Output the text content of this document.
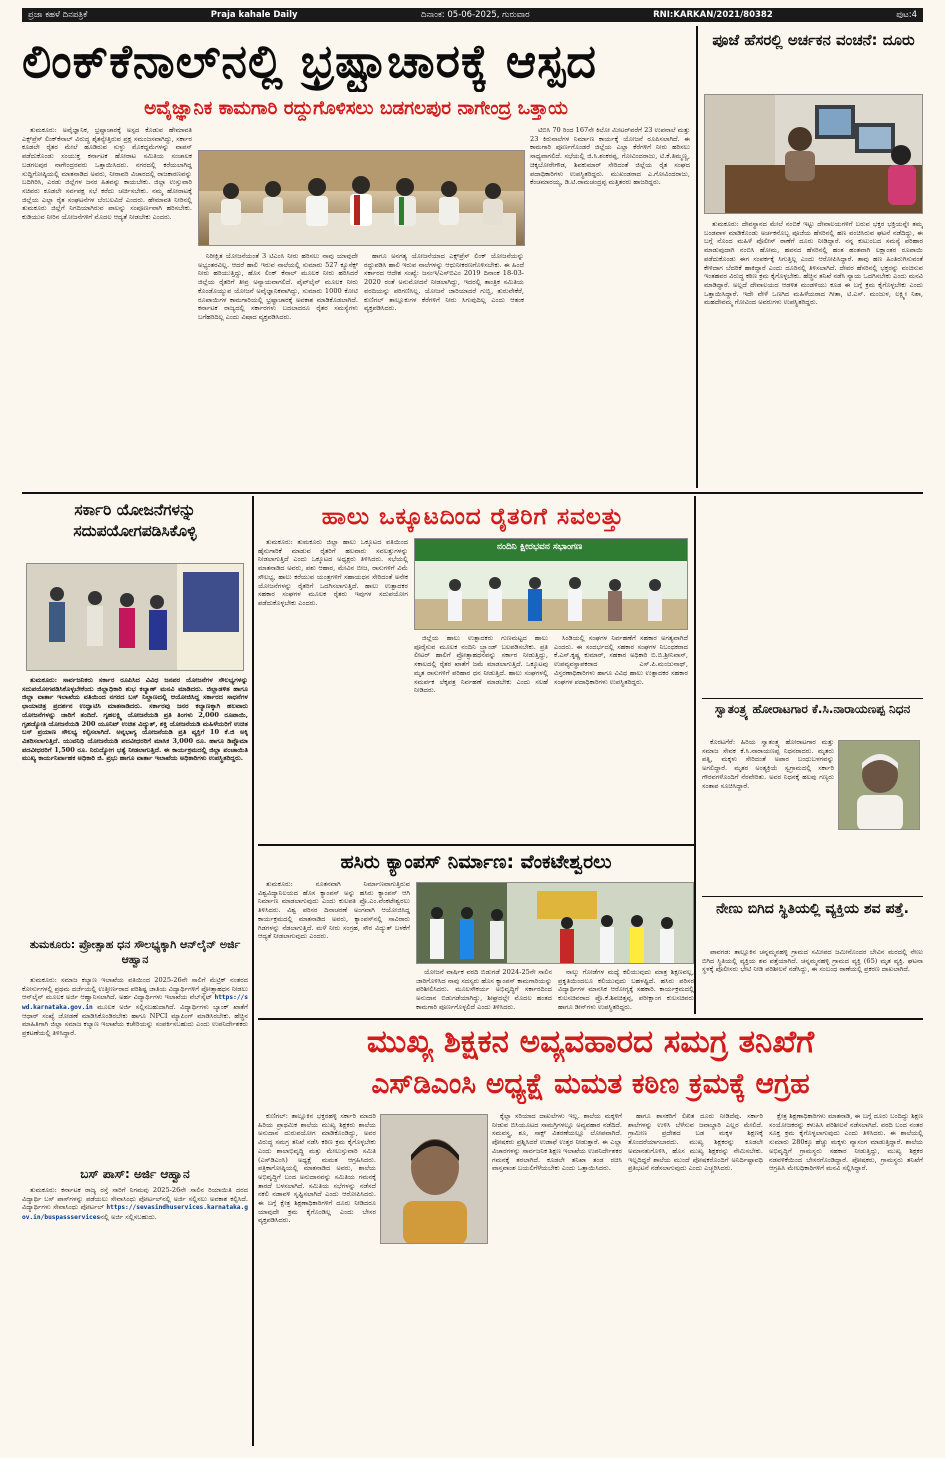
ಪ್ರಜಾ ಕಹಳೆ ದಿನಪತ್ರಿಕೆ	Praja kahale Daily	ದಿನಾಂಕ: 05-06-2025, ಗುರುವಾರ	RNI:KARKAN/2021/80382	ಪುಟ:4
ಲಿಂಕ್‌ಕೆನಾಲ್‌ನಲ್ಲಿ ಭ್ರಷ್ಟಾಚಾರಕ್ಕೆ ಆಸ್ಪದ
ಅವೈಜ್ಞಾನಿಕ ಕಾಮಗಾರಿ ರದ್ದುಗೊಳಿಸಲು ಬಡಗಲಪುರ ನಾಗೇಂದ್ರ ಒತ್ತಾಯ

ತುಮಕೂರು: ಅವೈಜ್ಞಾನಿಕ, ಭ್ರಷ್ಟಾಚಾರಕ್ಕೆ ಅಸ್ಪದ ಕೊಡುವ ಹೇಮಾವತಿ ಎಕ್ಸ್‌ಪ್ರೆಸ್ ಲಿಂಕ್‌ಕೆನಾಲ್ ವಿರುದ್ಧ ಶೈತನ್ಯೇತ್ತಿರುವ ಪ್ರಕ್ಷ ಸಮಂಜಸವಾಗಿದ್ದು, ಸರ್ಕಾರ ಕೂಡಲೇ ರೈತರ ಮೇಲೆ ಹೂಡಿರುವ ಸುಳ್ಳು ಮೊಕದ್ದಮೆಗಳನ್ನು ವಾಪಸ್ ಪಡೆದುಕೊಂಡು ಸಂಯುಕ್ತ ಕರ್ನಾಟಕ ಹೋರಾಟ ಸಮಿತಿಯ ಸಂಚಾಲಕ ಬಡಗಲಪುರ ನಾಗೇಂದ್ರರವರು ಒತ್ತಾಯಿಸಿದರು. ನಗರದಲ್ಲಿ ಕರೆಯಲಾಗಿದ್ದ ಸುದ್ದಿಗೋಷ್ಠಿಯಲ್ಲಿ ಮಾತನಾಡಿದ ಅವರು, ನೀರಾವರಿ ವಿಚಾರದಲ್ಲಿ ರಾಜಕಾರಣವನ್ನು ಬದಿಗಿರಿಸಿ, ಎರಡು ಜಿಲ್ಲೆಗಳ ಜನರ ಹಿತವನ್ನು ಕಾಯಬೇಕು. ಜಿಲ್ಲಾ ಉಸ್ತುವಾರಿ ಸಚಿವರು ಕೂಡಲೇ ಸರ್ವಪಕ್ಷ ಸಭೆ ಕರೆದು ಚರ್ಚಿಸಬೇಕು. ನಮ್ಮ ಹೋರಾಟಕ್ಕೆ ಜಿಲ್ಲೆಯ ಎಲ್ಲಾ ರೈತ ಸಂಘಟನೆಗಳ ಬೆಂಬಲವಿದೆ ಎಂದರು. ಹೇಮಾವತಿ ನೀರಿನಲ್ಲಿ ತುಮಕೂರು ಜಿಲ್ಲೆಗೆ ನಿಗದಿಯಾಗಿರುವ ಪಾಲನ್ನು ಸಂಪೂರ್ಣವಾಗಿ ಹರಿಸಬೇಕು. ಕುಡಿಯುವ ನೀರಿನ ಯೋಜನೆಗಳಿಗೆ ಮೊದಲ ಆದ್ಯತೆ ನೀಡಬೇಕು ಎಂದರು.

ನಿರೀಕ್ಷಿತ ಯೋಜನೆಯಂತೆ 3 ಟಿಎಂಸಿ ನೀರು ಹರಿಸಲು ನಾವು ಯಾವುದೇ ಅಭ್ಯಂತರವಿಲ್ಲ. ಆದರೆ ಹಾಲಿ ಇರುವ ನಾಲೆಯಲ್ಲಿ ಸುಮಾರು 527 ಕ್ಯೂಸೆಕ್ಸ್ ನೀರು ಹರಿಯುತ್ತಿದ್ದು, ಹೊಸ ಲಿಂಕ್ ಕೆನಾಲ್ ಮೂಲಕ ನೀರು ಹರಿಸಿದರೆ ಜಿಲ್ಲೆಯ ರೈತರಿಗೆ ತೀವ್ರ ಅನ್ಯಾಯವಾಗಲಿದೆ. ಪೈಪ್‌ಲೈನ್ ಮೂಲಕ ನೀರು ಕೊಂಡೊಯ್ಯುವ ಯೋಜನೆ ಅವೈಜ್ಞಾನಿಕವಾಗಿದ್ದು, ಸುಮಾರು 1000 ಕೋಟಿ ರೂಪಾಯಿಗಳ ಕಾಮಗಾರಿಯಲ್ಲಿ ಭ್ರಷ್ಟಾಚಾರಕ್ಕೆ ಅವಕಾಶ ಮಾಡಿಕೊಡಲಾಗಿದೆ. ಕರ್ನಾಟಕ ರಾಜ್ಯದಲ್ಲಿ ಸರ್ಕಾರಗಳು ಬದಲಾದರೂ ರೈತರ ಸಮಸ್ಯೆಗಳು ಬಗೆಹರಿದಿಲ್ಲ ಎಂದು ವಿಷಾದ ವ್ಯಕ್ತಪಡಿಸಿದರು.

ಹಾಗೂ ಅನಗತ್ಯ ಯೋಜನೆಯಾದ ಎಕ್ಸ್‌ಪ್ರೆಸ್ ಲಿಂಕ್ ಯೋಜನೆಯನ್ನು ರದ್ದುಪಡಿಸಿ ಹಾಲಿ ಇರುವ ನಾಲೆಗಳನ್ನು ಆಧುನೀಕರಣಗೊಳಿಸಬೇಕು. ಈ ಹಿಂದೆ ಸರ್ಕಾರದ ಆದೇಶ ಸಂಖ್ಯೆ: ಜಸಂಇ/ಎಸ್‌ಬಿಎಂ 2019 ದಿನಾಂಕ 18-03-2020 ರಂತೆ ಅನುಮೋದನೆ ನೀಡಲಾಗಿದ್ದು, ಇದರಲ್ಲಿ ತಾಂತ್ರಿಕ ಸಮಿತಿಯ ವರದಿಯನ್ನು ಪರಿಗಣಿಸಿಲ್ಲ. ಯೋಜನೆ ಜಾರಿಯಾದರೆ ಗುಬ್ಬಿ, ತುರುವೇಕೆರೆ, ಕುಣಿಗಲ್ ತಾಲ್ಲೂಕುಗಳ ಕೆರೆಗಳಿಗೆ ನೀರು ಸಿಗುವುದಿಲ್ಲ ಎಂದು ಆತಂಕ ವ್ಯಕ್ತಪಡಿಸಿದರು.

ಟಿಬಿಸಿ 70 ರಿಂದ 167ನೇ ಕಿಲೋ ಮೀಟರ್‌ವರೆಗೆ 23 ಉಪನಾಲೆ ಮತ್ತು 23 ಕಿರುನಾಲೆಗಳ ನಿರ್ಮಾಣ ಕಾರ್ಯಕ್ಕೆ ಯೋಜನೆ ರೂಪಿಸಲಾಗಿದೆ. ಈ ಕಾಮಗಾರಿ ಪೂರ್ಣಗೊಂಡರೆ ಜಿಲ್ಲೆಯ ಎಲ್ಲಾ ಕೆರೆಗಳಿಗೆ ನೀರು ಹರಿಸಲು ಸಾಧ್ಯವಾಗಲಿದೆ. ಸಭೆಯಲ್ಲಿ ಜಿ.ಸಿ.ಶಂಕರಪ್ಪ, ಗೋವಿಂದರಾಜು, ಟಿ.ಕೆ.ತಿಮ್ಮಣ್ಣ, ಚಿಕ್ಕಬೋರೇಗೌಡ, ಶಿವಕುಮಾರ್ ಸೇರಿದಂತೆ ಜಿಲ್ಲೆಯ ರೈತ ಸಂಘದ ಪದಾಧಿಕಾರಿಗಳು ಉಪಸ್ಥಿತರಿದ್ದರು. ಮುಖಂಡರಾದ ಎ.ಗೋವಿಂದರಾಜು, ಕೆಂಚಮಾರಯ್ಯ, ಡಿ.ಟಿ.ರಾಮಚಂದ್ರಪ್ಪ ಮತ್ತಿತರರು ಹಾಜರಿದ್ದರು.

ಪೂಜೆ ಹೆಸರಲ್ಲಿ ಅರ್ಚಕನ ವಂಚನೆ: ದೂರು

ತುಮಕೂರು: ದೇವಸ್ಥಾನದ ಮೇಲೆ ನಂಬಿಕೆ ಇಟ್ಟು ದೇವಾಲಯಗಳಿಗೆ ಬರುವ ಭಕ್ತರ ಭಕ್ತಿಯನ್ನೇ ತಮ್ಮ ಬಂಡವಾಳ ಮಾಡಿಕೊಂಡು ಅರ್ಚಕನೊಬ್ಬ ಪೂಜೆಯ ಹೆಸರಿನಲ್ಲಿ ಹಣ ವಂಚಿಸಿರುವ ಘಟನೆ ನಡೆದಿದ್ದು, ಈ ಬಗ್ಗೆ ನೊಂದ ಮಹಿಳೆ ಪೊಲೀಸ್ ಠಾಣೆಗೆ ದೂರು ನೀಡಿದ್ದಾರೆ. ನನ್ನ ಕುಟುಂಬದ ಸಮಸ್ಯೆ ಪರಿಹಾರ ಮಾಡುವುದಾಗಿ ನಂಬಿಸಿ ಹೋಮ, ಹವನದ ಹೆಸರಿನಲ್ಲಿ ಹಂತ ಹಂತವಾಗಿ ಲಕ್ಷಾಂತರ ರೂಪಾಯಿ ಪಡೆದುಕೊಂಡು ಈಗ ಸಂಪರ್ಕಕ್ಕೆ ಸಿಗುತ್ತಿಲ್ಲ ಎಂದು ಆರೋಪಿಸಿದ್ದಾರೆ. ತಾವು ಹಣ ಹಿಂತಿರುಗಿಸುವಂತೆ ಕೇಳಿದಾಗ ಬೆದರಿಕೆ ಹಾಕಿದ್ದಾರೆ ಎಂದು ದೂರಿನಲ್ಲಿ ತಿಳಿಸಲಾಗಿದೆ. ದೇವರ ಹೆಸರಿನಲ್ಲಿ ಭಕ್ತರನ್ನು ವಂಚಿಸುವ ಇಂತಹವರ ವಿರುದ್ಧ ಕಠಿಣ ಕ್ರಮ ಕೈಗೊಳ್ಳಬೇಕು. ಹೆಚ್ಚಿನ ತನಿಖೆ ನಡೆಸಿ ನ್ಯಾಯ ಒದಗಿಸಬೇಕು ಎಂದು ಮನವಿ ಮಾಡಿದ್ದಾರೆ. ಅಲ್ಲದೆ ದೇವಾಲಯದ ಆಡಳಿತ ಮಂಡಳಿಯು ಕೂಡ ಈ ಬಗ್ಗೆ ಕ್ರಮ ಕೈಗೊಳ್ಳಬೇಕು ಎಂದು ಒತ್ತಾಯಿಸಿದ್ದಾರೆ. ಇದೇ ವೇಳೆ ಒಣಗಿದ ಮಹಿಳೆಯರಾದ ಗೀತಾ, ಟಿ.ಎಸ್. ಮಂಜುಳ, ಲಕ್ಷ್ಮೀ ನಿಶಾ, ಮಹದೇವಮ್ಮ ಗೋವಿಂದ ಅವರುಗಳು ಉಪಸ್ಥಿತರಿದ್ದರು.

ಸರ್ಕಾರಿ ಯೋಜನೆಗಳನ್ನು ಸದುಪಯೋಗಪಡಿಸಿಕೊಳ್ಳಿ

ತುಮಕೂರು: ಸಾರ್ವಜನಿಕರು ಸರ್ಕಾರ ರೂಪಿಸಿದ ವಿವಿಧ ಜನಪರ ಯೋಜನೆಗಳ ಸೌಲಭ್ಯಗಳನ್ನು ಸದುಪಯೋಗಪಡಿಸಿಕೊಳ್ಳಬೇಕೆಂದು ಜಿಲ್ಲಾಧಿಕಾರಿ ಶುಭ ಕಲ್ಯಾಣ್ ಮನವಿ ಮಾಡಿದರು. ಜಿಲ್ಲಾಡಳಿತ ಹಾಗೂ ಜಿಲ್ಲಾ ವಾರ್ತಾ ಇಲಾಖೆಯ ವತಿಯಿಂದ ನಗರದ ಬಸ್ ನಿಲ್ದಾಣದಲ್ಲಿ ಆಯೋಜಿಸಿದ್ದ ಸರ್ಕಾರದ ಸಾಧನೆಗಳ ಛಾಯಾಚಿತ್ರ ಪ್ರದರ್ಶನ ಉದ್ಘಾಟಿಸಿ ಮಾತನಾಡಿದರು. ಸರ್ಕಾರವು ಜನರ ಕಲ್ಯಾಣಕ್ಕಾಗಿ ಹಲವಾರು ಯೋಜನೆಗಳನ್ನು ಜಾರಿಗೆ ತಂದಿದೆ. ಗೃಹಲಕ್ಷ್ಮಿ ಯೋಜನೆಯಡಿ ಪ್ರತಿ ತಿಂಗಳು 2,000 ರೂಪಾಯಿ, ಗೃಹಜ್ಯೋತಿ ಯೋಜನೆಯಡಿ 200 ಯೂನಿಟ್ ಉಚಿತ ವಿದ್ಯುತ್, ಶಕ್ತಿ ಯೋಜನೆಯಡಿ ಮಹಿಳೆಯರಿಗೆ ಉಚಿತ ಬಸ್ ಪ್ರಯಾಣ ಸೌಲಭ್ಯ ಕಲ್ಪಿಸಲಾಗಿದೆ. ಅನ್ನಭಾಗ್ಯ ಯೋಜನೆಯಡಿ ಪ್ರತಿ ವ್ಯಕ್ತಿಗೆ 10 ಕೆ.ಜಿ ಅಕ್ಕಿ ವಿತರಿಸಲಾಗುತ್ತಿದೆ. ಯುವನಿಧಿ ಯೋಜನೆಯಡಿ ಪದವೀಧರರಿಗೆ ಮಾಸಿಕ 3,000 ರೂ. ಹಾಗೂ ಡಿಪ್ಲೊಮಾ ಪದವೀಧರರಿಗೆ 1,500 ರೂ. ನಿರುದ್ಯೋಗ ಭತ್ಯೆ ನೀಡಲಾಗುತ್ತಿದೆ. ಈ ಕಾರ್ಯಕ್ರಮದಲ್ಲಿ ಜಿಲ್ಲಾ ಪಂಚಾಯಿತಿ ಮುಖ್ಯ ಕಾರ್ಯನಿರ್ವಾಹಕ ಅಧಿಕಾರಿ ಜಿ. ಪ್ರಭು ಹಾಗೂ ವಾರ್ತಾ ಇಲಾಖೆಯ ಅಧಿಕಾರಿಗಳು ಉಪಸ್ಥಿತರಿದ್ದರು.

ತುಮಕೂರು: ಪ್ರೋತ್ಸಾಹ ಧನ ಸೌಲಭ್ಯಕ್ಕಾಗಿ ಆನ್‌ಲೈನ್ ಅರ್ಜಿ ಆಹ್ವಾನ

ತುಮಕೂರು: ಸಮಾಜ ಕಲ್ಯಾಣ ಇಲಾಖೆಯ ವತಿಯಿಂದ 2025-26ನೇ ಸಾಲಿಗೆ ಮೆಟ್ರಿಕ್ ನಂತರದ ಕೋರ್ಸುಗಳಲ್ಲಿ ಪ್ರಥಮ ದರ್ಜೆಯಲ್ಲಿ ಉತ್ತೀರ್ಣರಾದ ಪರಿಶಿಷ್ಟ ಜಾತಿಯ ವಿದ್ಯಾರ್ಥಿಗಳಿಗೆ ಪ್ರೋತ್ಸಾಹಧನ ನೀಡಲು ಆನ್‌ಲೈನ್ ಮೂಲಕ ಅರ್ಜಿ ಆಹ್ವಾನಿಸಲಾಗಿದೆ. ಅರ್ಹ ವಿದ್ಯಾರ್ಥಿಗಳು ಇಲಾಖೆಯ ವೆಬ್‌ಸೈಟ್ https://swd.karnataka.gov.in ಮೂಲಕ ಅರ್ಜಿ ಸಲ್ಲಿಸಬಹುದಾಗಿದೆ. ವಿದ್ಯಾರ್ಥಿಗಳು ಬ್ಯಾಂಕ್ ಖಾತೆಗೆ ಆಧಾರ್ ಸಂಖ್ಯೆ ಜೋಡಣೆ ಮಾಡಿಸಿಕೊಂಡಿರಬೇಕು ಹಾಗೂ NPCI ಮ್ಯಾಪಿಂಗ್ ಮಾಡಿಸಿರಬೇಕು. ಹೆಚ್ಚಿನ ಮಾಹಿತಿಗಾಗಿ ಜಿಲ್ಲಾ ಸಮಾಜ ಕಲ್ಯಾಣ ಇಲಾಖೆಯ ಕಚೇರಿಯನ್ನು ಸಂಪರ್ಕಿಸಬಹುದು ಎಂದು ಉಪನಿರ್ದೇಶಕರು ಪ್ರಕಟಣೆಯಲ್ಲಿ ತಿಳಿಸಿದ್ದಾರೆ.

ಬಸ್ ಪಾಸ್: ಅರ್ಜಿ ಆಹ್ವಾನ

ತುಮಕೂರು: ಕರ್ನಾಟಕ ರಾಜ್ಯ ರಸ್ತೆ ಸಾರಿಗೆ ನಿಗಮವು 2025-26ನೇ ಸಾಲಿನ ರಿಯಾಯಿತಿ ದರದ ವಿದ್ಯಾರ್ಥಿ ಬಸ್ ಪಾಸ್‌ಗಳನ್ನು ಪಡೆಯಲು ಸೇವಾಸಿಂಧು ಪೋರ್ಟಲ್‌ನಲ್ಲಿ ಅರ್ಜಿ ಸಲ್ಲಿಸಲು ಅವಕಾಶ ಕಲ್ಪಿಸಿದೆ. ವಿದ್ಯಾರ್ಥಿಗಳು ಸೇವಾಸಿಂಧು ಪೋರ್ಟಲ್ https://sevasindhuservices.karnataka.gov.in/buspassservicesನಲ್ಲಿ ಅರ್ಜಿ ಸಲ್ಲಿಸಬಹುದು.

ಹಾಲು ಒಕ್ಕೂಟದಿಂದ ರೈತರಿಗೆ ಸವಲತ್ತು

ತುಮಕೂರು: ತುಮಕೂರು ಜಿಲ್ಲಾ ಹಾಲು ಒಕ್ಕೂಟದ ವತಿಯಿಂದ ಹೈನುಗಾರಿಕೆ ಮಾಡುವ ರೈತರಿಗೆ ಹಲವಾರು ಸವಲತ್ತುಗಳನ್ನು ನೀಡಲಾಗುತ್ತಿದೆ ಎಂದು ಒಕ್ಕೂಟದ ಅಧ್ಯಕ್ಷರು ತಿಳಿಸಿದರು. ಸಭೆಯಲ್ಲಿ ಮಾತನಾಡಿದ ಅವರು, ಪಶು ಆಹಾರ, ಮೇವಿನ ಬೀಜ, ರಾಸುಗಳಿಗೆ ವಿಮೆ ಸೌಲಭ್ಯ, ಹಾಲು ಕರೆಯುವ ಯಂತ್ರಗಳಿಗೆ ಸಹಾಯಧನ ಸೇರಿದಂತೆ ಅನೇಕ ಯೋಜನೆಗಳನ್ನು ರೈತರಿಗೆ ಒದಗಿಸಲಾಗುತ್ತಿದೆ. ಹಾಲು ಉತ್ಪಾದಕರ ಸಹಕಾರ ಸಂಘಗಳ ಮೂಲಕ ರೈತರು ಇವುಗಳ ಸದುಪಯೋಗ ಪಡೆದುಕೊಳ್ಳಬೇಕು ಎಂದರು.

ನಂದಿನಿ ಕ್ಷೀರಭವನ ಸಭಾಂಗಣ

ಜಿಲ್ಲೆಯ ಹಾಲು ಉತ್ಪಾದಕರು ಗುಣಮಟ್ಟದ ಹಾಲು ಪೂರೈಸುವ ಮೂಲಕ ನಂದಿನಿ ಬ್ರ್ಯಾಂಡ್ ಬಲಪಡಿಸಬೇಕು. ಪ್ರತಿ ಲೀಟರ್ ಹಾಲಿಗೆ ಪ್ರೋತ್ಸಾಹಧನವನ್ನು ಸರ್ಕಾರ ನೀಡುತ್ತಿದ್ದು, ಸಕಾಲದಲ್ಲಿ ರೈತರ ಖಾತೆಗೆ ಜಮೆ ಮಾಡಲಾಗುತ್ತಿದೆ. ಒಕ್ಕೂಟವು ಮೃತ ರಾಸುಗಳಿಗೆ ಪರಿಹಾರ ಧನ ನೀಡುತ್ತಿದೆ. ಹಾಲು ಸಂಘಗಳಲ್ಲಿ ಸಮರ್ಪಕ ಲೆಕ್ಕಪತ್ರ ನಿರ್ವಹಣೆ ಮಾಡಬೇಕು ಎಂದು ಸಲಹೆ ನೀಡಿದರು.

ಸಿಂಡಿಯಲ್ಲಿ ಸಂಘಗಳ ನಿರ್ವಹಣೆಗೆ ಸಹಕಾರ ಅಗತ್ಯವಾಗಿದೆ ಎಂದರು. ಈ ಸಂದರ್ಭದಲ್ಲಿ ಸಹಕಾರ ಸಂಘಗಳ ನಿಬಂಧಕರಾದ ಕೆ.ಎಸ್.ಕೃಷ್ಣ ಕುಮಾರ್, ಸಹಕಾರ ಅಧಿಕಾರಿ ಬಿ.ಬಿ.ಶ್ರೀನಿವಾಸ್, ಉಪವ್ಯವಸ್ಥಾಪಕರಾದ ಎಸ್.ಪಿ.ಮಂಜುನಾಥ್, ವಿಸ್ತರಣಾಧಿಕಾರಿಗಳು ಹಾಗೂ ವಿವಿಧ ಹಾಲು ಉತ್ಪಾದಕರ ಸಹಕಾರ ಸಂಘಗಳ ಪದಾಧಿಕಾರಿಗಳು ಉಪಸ್ಥಿತರಿದ್ದರು.

ಸ್ವಾತಂತ್ರ್ಯ ಹೋರಾಟಗಾರ ಕೆ.ಸಿ.ನಾರಾಯಣಪ್ಪ ನಿಧನ

ಕೊರಟಗೆರೆ: ಹಿರಿಯ ಸ್ವಾತಂತ್ರ್ಯ ಹೋರಾಟಗಾರ ಮತ್ತು ಸಮಾಜ ಸೇವಕ ಕೆ.ಸಿ.ನಾರಾಯಣಪ್ಪ ನಿಧನರಾದರು. ಮೃತರು ಪತ್ನಿ, ಮಕ್ಕಳು ಸೇರಿದಂತೆ ಅಪಾರ ಬಂಧುಬಳಗವನ್ನು ಅಗಲಿದ್ದಾರೆ. ಮೃತರ ಅಂತ್ಯಕ್ರಿಯೆ ಸ್ವಗ್ರಾಮದಲ್ಲಿ ಸರ್ಕಾರಿ ಗೌರವಗಳೊಂದಿಗೆ ನೆರವೇರಿತು. ಅವರ ನಿಧನಕ್ಕೆ ಹಲವು ಗಣ್ಯರು ಸಂತಾಪ ಸೂಚಿಸಿದ್ದಾರೆ.

ನೇಣು ಬಿಗಿದ ಸ್ಥಿತಿಯಲ್ಲಿ ವ್ಯಕ್ತಿಯ ಶವ ಪತ್ತೆ.

ಪಾವಗಡ: ತಾಲ್ಲೂಕಿನ ಚನ್ನಮ್ಮನಹಳ್ಳಿ ಗ್ರಾಮದ ಸಮೀಪದ ಜಮೀನೊಂದರ ಬೇವಿನ ಮರದಲ್ಲಿ ನೇಣು ಬಿಗಿದ ಸ್ಥಿತಿಯಲ್ಲಿ ವ್ಯಕ್ತಿಯ ಶವ ಪತ್ತೆಯಾಗಿದೆ. ಚನ್ನಮ್ಮನಹಳ್ಳಿ ಗ್ರಾಮದ ವ್ಯಕ್ತಿ (65) ಮೃತ ವ್ಯಕ್ತಿ. ಘಟನಾ ಸ್ಥಳಕ್ಕೆ ಪೊಲೀಸರು ಭೇಟಿ ನೀಡಿ ಪರಿಶೀಲನೆ ನಡೆಸಿದ್ದು, ಈ ಸಂಬಂಧ ಠಾಣೆಯಲ್ಲಿ ಪ್ರಕರಣ ದಾಖಲಾಗಿದೆ.

ಹಸಿರು ಕ್ಯಾಂಪಸ್ ನಿರ್ಮಾಣ: ವೆಂಕಟೇಶ್ವರಲು

ತುಮಕೂರು: ನೂತನವಾಗಿ ನಿರ್ಮಾಣವಾಗುತ್ತಿರುವ ವಿಶ್ವವಿದ್ಯಾನಿಲಯದ ಹೊಸ ಕ್ಯಾಂಪಸ್ ಅನ್ನು ಹಸಿರು ಕ್ಯಾಂಪಸ್ ಆಗಿ ನಿರ್ಮಾಣ ಮಾಡಲಾಗುವುದು ಎಂದು ಕುಲಪತಿ ಪ್ರೊ.ಎಂ.ವೆಂಕಟೇಶ್ವರಲು ತಿಳಿಸಿದರು. ವಿಶ್ವ ಪರಿಸರ ದಿನಾಚರಣೆ ಅಂಗವಾಗಿ ಆಯೋಜಿಸಿದ್ದ ಕಾರ್ಯಕ್ರಮದಲ್ಲಿ ಮಾತನಾಡಿದ ಅವರು, ಕ್ಯಾಂಪಸ್‌ನಲ್ಲಿ ಸಾವಿರಾರು ಗಿಡಗಳನ್ನು ನೆಡಲಾಗುತ್ತಿದೆ. ಮಳೆ ನೀರು ಸಂಗ್ರಹ, ಸೌರ ವಿದ್ಯುತ್ ಬಳಕೆಗೆ ಆದ್ಯತೆ ನೀಡಲಾಗುವುದು ಎಂದರು.

ಯೋಜನೆ ವಾರ್ಷಿಕ ವರದಿ ಬಿಡುಗಡೆ 2024-25ನೇ ಸಾಲಿನ ಜಾರಿಗೊಳಿಸಿದ ನಾವು ಸದಸ್ಯರು ಹೊಸ ಕ್ಯಾಂಪಸ್ ಕಾಮಗಾರಿಯನ್ನು ಪರಿಶೀಲಿಸಿದರು. ಮೂಲಸೌಕರ್ಯ ಅಭಿವೃದ್ಧಿಗೆ ಸರ್ಕಾರದಿಂದ ಅನುದಾನ ಬಿಡುಗಡೆಯಾಗಿದ್ದು, ಶೀಘ್ರದಲ್ಲೇ ಮೊದಲ ಹಂತದ ಕಾಮಗಾರಿ ಪೂರ್ಣಗೊಳ್ಳಲಿದೆ ಎಂದು ತಿಳಿಸಿದರು.

ನಾಲ್ಕು ಗೋಡೆಗಳ ಮಧ್ಯೆ ಕಲಿಯುವುದು ಮಾತ್ರ ಶಿಕ್ಷಣವಲ್ಲ, ಪ್ರಕೃತಿಯಿಂದಲೂ ಕಲಿಯುವುದು ಬಹಳಷ್ಟಿದೆ. ಹಸಿರು ಪರಿಸರ ವಿದ್ಯಾರ್ಥಿಗಳ ಮಾನಸಿಕ ಆರೋಗ್ಯಕ್ಕೆ ಸಹಕಾರಿ. ಕಾರ್ಯಕ್ರಮದಲ್ಲಿ ಕುಲಸಚಿವರಾದ ಪ್ರೊ.ಕೆ.ಶಿವಚಿತ್ತಪ್ಪ, ಪರೀಕ್ಷಾಂಗ ಕುಲಸಚಿವರು ಹಾಗೂ ಡೀನ್‌ಗಳು ಉಪಸ್ಥಿತರಿದ್ದರು.

ಮುಖ್ಯ ಶಿಕ್ಷಕನ ಅವ್ಯವಹಾರದ ಸಮಗ್ರ ತನಿಖೆಗೆ
ಎಸ್‌ಡಿಎಂಸಿ ಅಧ್ಯಕ್ಷೆ ಮಮತ ಕಠಿಣ ಕ್ರಮಕ್ಕೆ ಆಗ್ರಹ

ಕುಣಿಗಲ್: ತಾಲ್ಲೂಕಿನ ಭಕ್ತರಹಳ್ಳಿ ಸರ್ಕಾರಿ ಮಾದರಿ ಹಿರಿಯ ಪ್ರಾಥಮಿಕ ಶಾಲೆಯ ಮುಖ್ಯ ಶಿಕ್ಷಕರು ಶಾಲೆಯ ಅನುದಾನ ದುರುಪಯೋಗ ಮಾಡಿಕೊಂಡಿದ್ದು, ಅವರ ವಿರುದ್ಧ ಸಮಗ್ರ ತನಿಖೆ ನಡೆಸಿ ಕಠಿಣ ಕ್ರಮ ಕೈಗೊಳ್ಳಬೇಕು ಎಂದು ಶಾಲಾಭಿವೃದ್ಧಿ ಮತ್ತು ಮೇಲುಸ್ತುವಾರಿ ಸಮಿತಿ (ಎಸ್‌ಡಿಎಂಸಿ) ಅಧ್ಯಕ್ಷೆ ಮಮತ ಆಗ್ರಹಿಸಿದರು. ಪತ್ರಿಕಾಗೋಷ್ಠಿಯಲ್ಲಿ ಮಾತನಾಡಿದ ಅವರು, ಶಾಲೆಯ ಅಭಿವೃದ್ಧಿಗೆ ಬಂದ ಅನುದಾನವನ್ನು ಸಮಿತಿಯ ಗಮನಕ್ಕೆ ತಾರದೆ ಬಳಸಲಾಗಿದೆ. ಸಮಿತಿಯ ಸಭೆಗಳನ್ನು ನಡೆಸದೆ ನಕಲಿ ನಡಾವಳಿ ಸೃಷ್ಟಿಸಲಾಗಿದೆ ಎಂದು ಆರೋಪಿಸಿದರು. ಈ ಬಗ್ಗೆ ಕ್ಷೇತ್ರ ಶಿಕ್ಷಣಾಧಿಕಾರಿಗಳಿಗೆ ದೂರು ನೀಡಿದರೂ ಯಾವುದೇ ಕ್ರಮ ಕೈಗೊಂಡಿಲ್ಲ ಎಂದು ಬೇಸರ ವ್ಯಕ್ತಪಡಿಸಿದರು.

ಕ್ಕೆಲ್ಲಾ ಸರಿಯಾದ ದಾಖಲೆಗಳು ಇಲ್ಲ. ಶಾಲೆಯ ಮಕ್ಕಳಿಗೆ ನೀಡುವ ಬಿಸಿಯೂಟದ ಸಾಮಗ್ರಿಗಳಲ್ಲೂ ಅವ್ಯವಹಾರ ನಡೆದಿದೆ. ಸಮವಸ್ತ್ರ, ಶೂ, ಸಾಕ್ಸ್ ವಿತರಣೆಯಲ್ಲೂ ಲೋಪವಾಗಿದೆ. ಪೋಷಕರು ಪ್ರಶ್ನಿಸಿದರೆ ಉಡಾಫೆ ಉತ್ತರ ನೀಡುತ್ತಾರೆ. ಈ ಎಲ್ಲಾ ವಿಚಾರಗಳನ್ನು ಸಾರ್ವಜನಿಕ ಶಿಕ್ಷಣ ಇಲಾಖೆಯ ಉಪನಿರ್ದೇಶಕರ ಗಮನಕ್ಕೆ ತರಲಾಗಿದೆ. ಕೂಡಲೇ ತನಿಖಾ ತಂಡ ರಚಿಸಿ ವಾಸ್ತವಾಂಶ ಬಯಲಿಗೆಳೆಯಬೇಕು ಎಂದು ಒತ್ತಾಯಿಸಿದರು.

ಹಾಗೂ ಶಾಸಕರಿಗೆ ಲಿಖಿತ ದೂರು ನೀಡಿದೆವು. ಸರ್ಕಾರಿ ಶಾಲೆಗಳನ್ನು ಉಳಿಸಿ ಬೆಳೆಸುವ ಜವಾಬ್ದಾರಿ ಎಲ್ಲರ ಮೇಲಿದೆ. ಗ್ರಾಮೀಣ ಪ್ರದೇಶದ ಬಡ ಮಕ್ಕಳ ಶಿಕ್ಷಣಕ್ಕೆ ತೊಂದರೆಯಾಗಬಾರದು. ಮುಖ್ಯ ಶಿಕ್ಷಕರನ್ನು ಕೂಡಲೇ ಅಮಾನತುಗೊಳಿಸಿ, ಹೊಸ ಮುಖ್ಯ ಶಿಕ್ಷಕರನ್ನು ನೇಮಿಸಬೇಕು. ಇಲ್ಲದಿದ್ದರೆ ಶಾಲೆಯ ಮುಂದೆ ಪೋಷಕರೊಂದಿಗೆ ಅನಿರ್ದಿಷ್ಟಾವಧಿ ಪ್ರತಿಭಟನೆ ನಡೆಸಲಾಗುವುದು ಎಂದು ಎಚ್ಚರಿಸಿದರು.

ಕ್ಷೇತ್ರ ಶಿಕ್ಷಣಾಧಿಕಾರಿಗಳು ಮಾತನಾಡಿ, ಈ ಬಗ್ಗೆ ದೂರು ಬಂದಿದ್ದು ಶಿಕ್ಷಣ ಸಂಯೋಜಕರನ್ನು ಕಳುಹಿಸಿ ಪರಿಶೀಲನೆ ನಡೆಸಲಾಗಿದೆ. ವರದಿ ಬಂದ ನಂತರ ಸೂಕ್ತ ಕ್ರಮ ಕೈಗೊಳ್ಳಲಾಗುವುದು ಎಂದು ತಿಳಿಸಿದರು. ಈ ಶಾಲೆಯಲ್ಲಿ ಸುಮಾರು 280ಕ್ಕೂ ಹೆಚ್ಚು ಮಕ್ಕಳು ವ್ಯಾಸಂಗ ಮಾಡುತ್ತಿದ್ದಾರೆ. ಶಾಲೆಯ ಅಭಿವೃದ್ಧಿಗೆ ಗ್ರಾಮಸ್ಥರು ಸಹಕಾರ ನೀಡುತ್ತಿದ್ದು, ಮುಖ್ಯ ಶಿಕ್ಷಕರ ನಡವಳಿಕೆಯಿಂದ ಬೇಸರಗೊಂಡಿದ್ದಾರೆ. ಪೋಷಕರು, ಗ್ರಾಮಸ್ಥರು ತನಿಖೆಗೆ ಆಗ್ರಹಿಸಿ ಮೇಲಧಿಕಾರಿಗಳಿಗೆ ಮನವಿ ಸಲ್ಲಿಸಿದ್ದಾರೆ.
